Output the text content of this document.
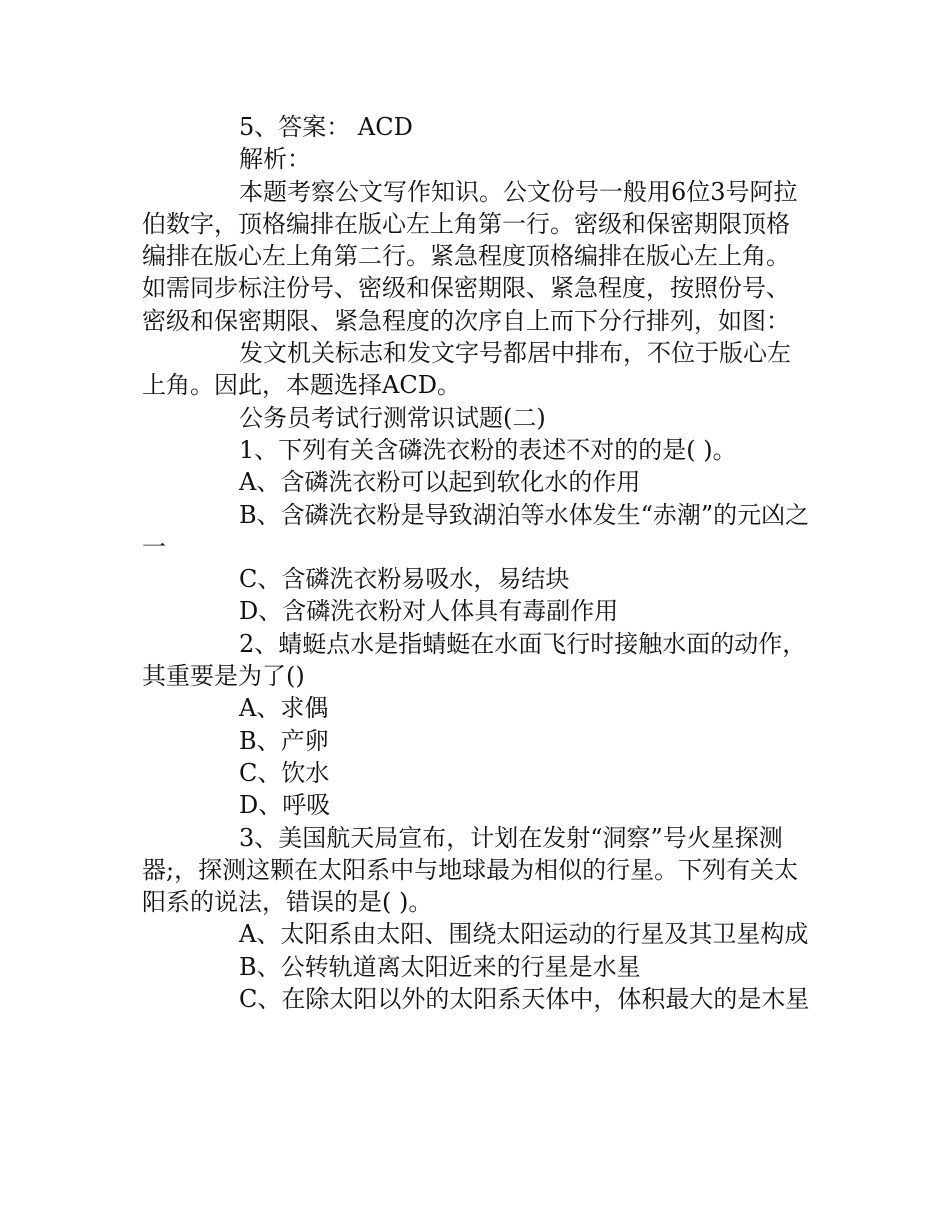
5、答案： ACD

解析：

本题考察公文写作知识。公文份号一般用6位3号阿拉伯数字，顶格编排在版心左上角第一行。密级和保密期限顶格编排在版心左上角第二行。紧急程度顶格编排在版心左上角。如需同步标注份号、密级和保密期限、紧急程度，按照份号、密级和保密期限、紧急程度的次序自上而下分行排列，如图：

发文机关标志和发文字号都居中排布，不位于版心左上角。因此，本题选择ACD。

公务员考试行测常识试题(二)

1、下列有关含磷洗衣粉的表述不对的的是( )。

A、含磷洗衣粉可以起到软化水的作用

B、含磷洗衣粉是导致湖泊等水体发生“赤潮”的元凶之一

C、含磷洗衣粉易吸水，易结块

D、含磷洗衣粉对人体具有毒副作用

2、蜻蜓点水是指蜻蜓在水面飞行时接触水面的动作，其重要是为了()

A、求偶

B、产卵

C、饮水

D、呼吸

3、美国航天局宣布，计划在发射“洞察”号火星探测器;，探测这颗在太阳系中与地球最为相似的行星。下列有关太阳系的说法，错误的是( )。

A、太阳系由太阳、围绕太阳运动的行星及其卫星构成

B、公转轨道离太阳近来的行星是水星

C、在除太阳以外的太阳系天体中，体积最大的是木星
